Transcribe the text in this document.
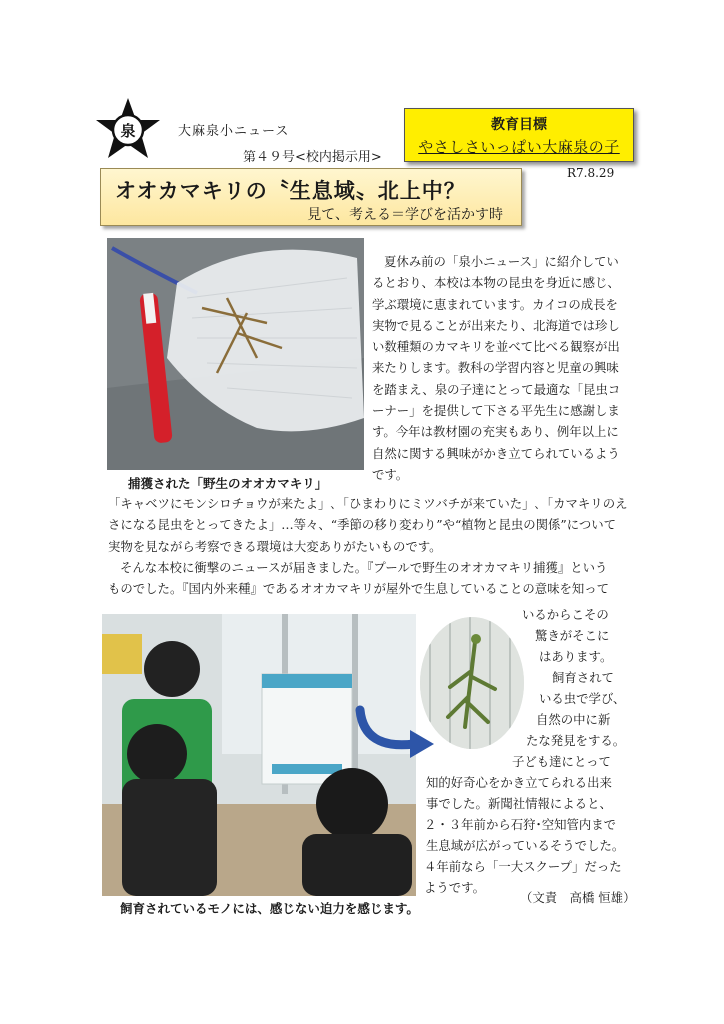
泉	大麻泉小ニュース
第４９号<校内掲示用>
教育目標
やさしさいっぱい大麻泉の子
R7.8.29
オオカマキリの〝生息域〟北上中？
見て、考える＝学びを活かす時
捕獲された「野生のオオカマキリ」
夏休み前の「泉小ニュース」に紹介しているとおり、本校は本物の昆虫を身近に感じ、学ぶ環境に恵まれています。カイコの成長を実物で見ることが出来たり、北海道では珍しい数種類のカマキリを並べて比べる観察が出来たりします。教科の学習内容と児童の興味を踏まえ、泉の子達にとって最適な「昆虫コーナー」を提供して下さる平先生に感謝します。今年は教材園の充実もあり、例年以上に自然に関する興味がかき立てられているようです。
「キャベツにモンシロチョウが来たよ」､「ひまわりにミツバチが来ていた」､「カマキリのえさになる昆虫をとってきたよ」…等々、“季節の移り変わり”や“植物と昆虫の関係”について実物を見ながら考察できる環境は大変ありがたいものです。
そんな本校に衝撃のニュースが届きました。『プールで野生のオオカマキリ捕獲』という
ものでした。『国内外来種』であるオオカマキリが屋外で生息していることの意味を知って
飼育されているモノには、感じない迫力を感じます。
いるからこその
驚きがそこに
はあります。
飼育されて
いる虫で学び、
自然の中に新
たな発見をする。
子ども達にとって
知的好奇心をかき立てられる出来
事でした。新聞社情報によると、
２・３年前から石狩･空知管内まで
生息域が広がっているそうでした。
４年前なら「一大スクープ」だった
ようです。
（文責　高橋 恒雄）
